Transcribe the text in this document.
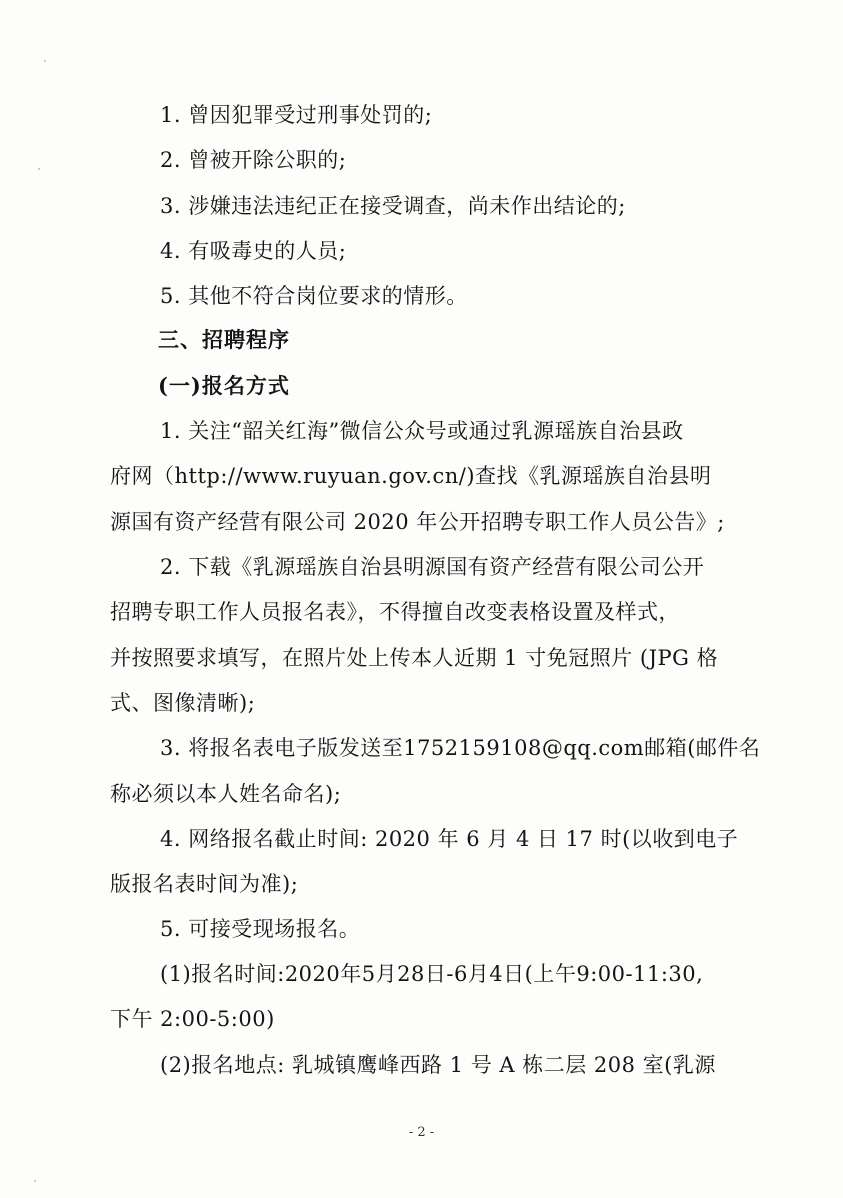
1. 曾因犯罪受过刑事处罚的;
2. 曾被开除公职的;
3. 涉嫌违法违纪正在接受调查，尚未作出结论的;
4. 有吸毒史的人员;
5. 其他不符合岗位要求的情形。
三、招聘程序
(一)报名方式
1. 关注“韶关红海”微信公众号或通过乳源瑶族自治县政
府网（http://www.ruyuan.gov.cn/)查找《乳源瑶族自治县明
源国有资产经营有限公司 2020 年公开招聘专职工作人员公告》;
2. 下载《乳源瑶族自治县明源国有资产经营有限公司公开
招聘专职工作人员报名表》，不得擅自改变表格设置及样式，
并按照要求填写，在照片处上传本人近期 1 寸免冠照片 (JPG 格
式、图像清晰);
3. 将报名表电子版发送至1752159108@qq.com邮箱(邮件名
称必须以本人姓名命名);
4. 网络报名截止时间: 2020 年 6 月 4 日 17 时(以收到电子
版报名表时间为准);
5. 可接受现场报名。
(1)报名时间:2020年5月28日-6月4日(上午9:00-11:30,
下午 2:00-5:00)
(2)报名地点: 乳城镇鹰峰西路 1 号 A 栋二层 208 室(乳源
- 2 -
